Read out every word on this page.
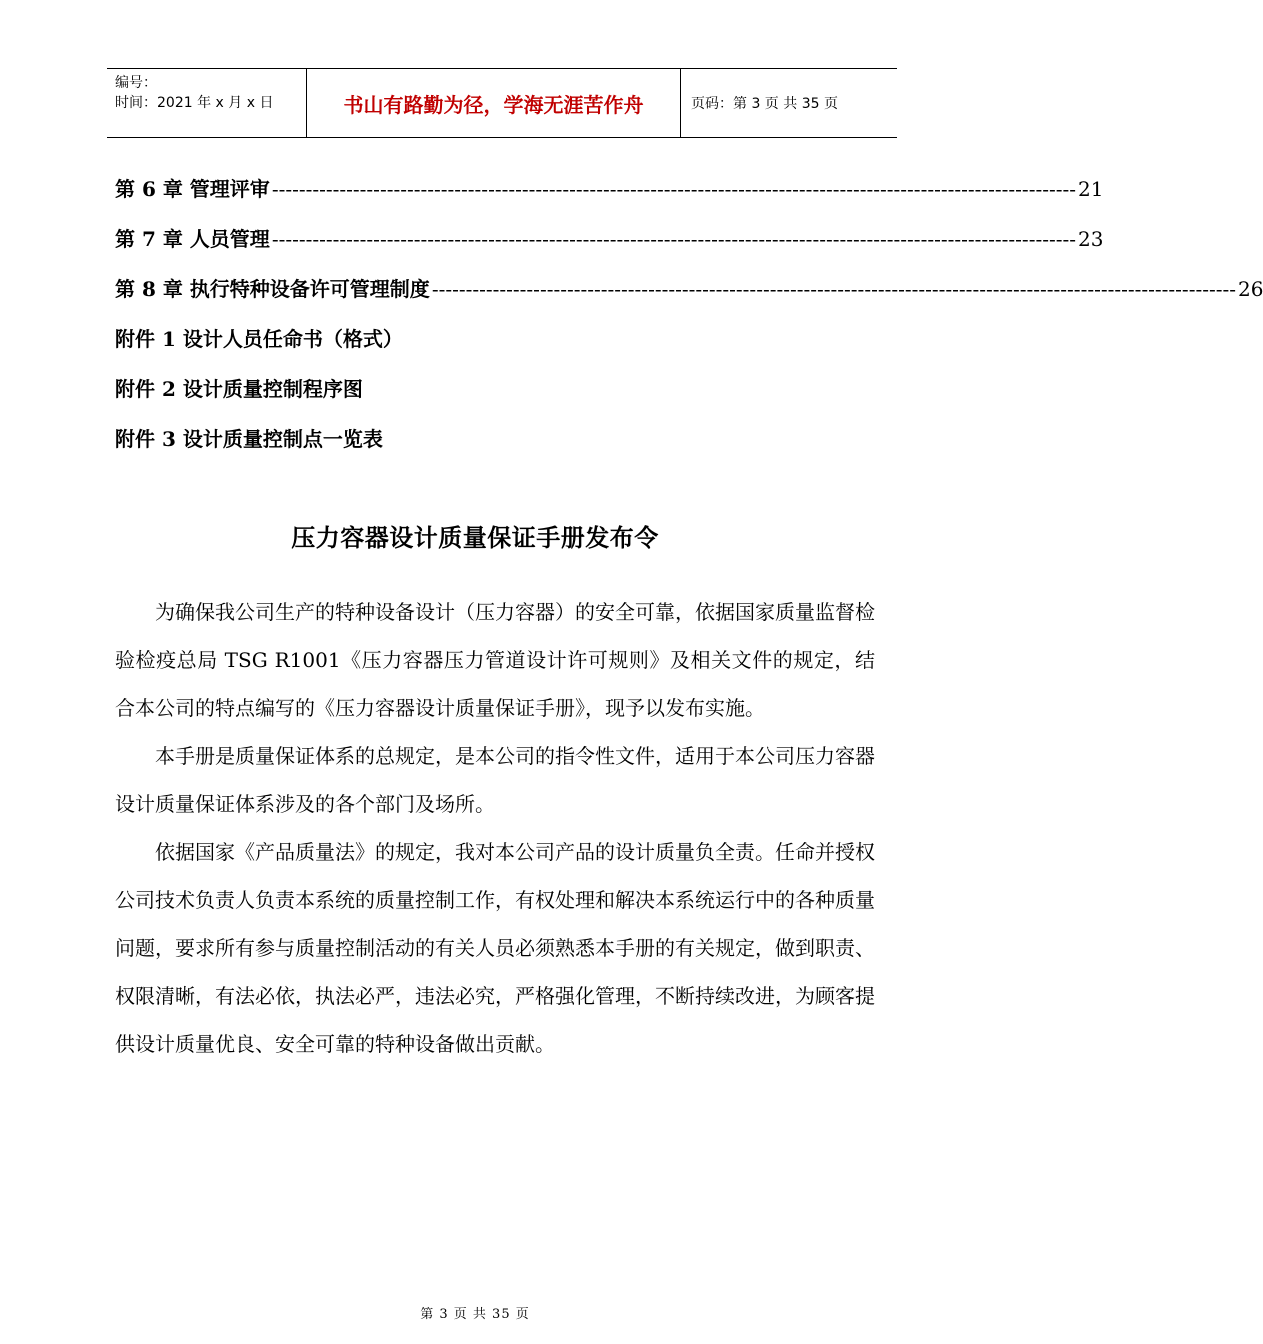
编号：
时间：2021 年 x 月 x 日	书山有路勤为径，学海无涯苦作舟	页码：第 3 页 共 35 页
第 6 章 管理评审 ----------------------------------------------------------------------------------------------------------------------- 21
第 7 章 人员管理 ----------------------------------------------------------------------------------------------------------------------- 23
第 8 章 执行特种设备许可管理制度 ----------------------------------------------------------------------------------------------------------------------- 26
附件 1 设计人员任命书（格式）
附件 2 设计质量控制程序图
附件 3 设计质量控制点一览表
压力容器设计质量保证手册发布令

为确保我公司生产的特种设备设计（压力容器）的安全可靠，依据国家质量监督检验检疫总局 TSG R1001《压力容器压力管道设计许可规则》及相关文件的规定，结合本公司的特点编写的《压力容器设计质量保证手册》，现予以发布实施。

本手册是质量保证体系的总规定，是本公司的指令性文件，适用于本公司压力容器设计质量保证体系涉及的各个部门及场所。

依据国家《产品质量法》的规定，我对本公司产品的设计质量负全责。任命并授权公司技术负责人负责本系统的质量控制工作，有权处理和解决本系统运行中的各种质量问题，要求所有参与质量控制活动的有关人员必须熟悉本手册的有关规定，做到职责、权限清晰，有法必依，执法必严，违法必究，严格强化管理，不断持续改进，为顾客提供设计质量优良、安全可靠的特种设备做出贡献。

第 3 页 共 35 页
